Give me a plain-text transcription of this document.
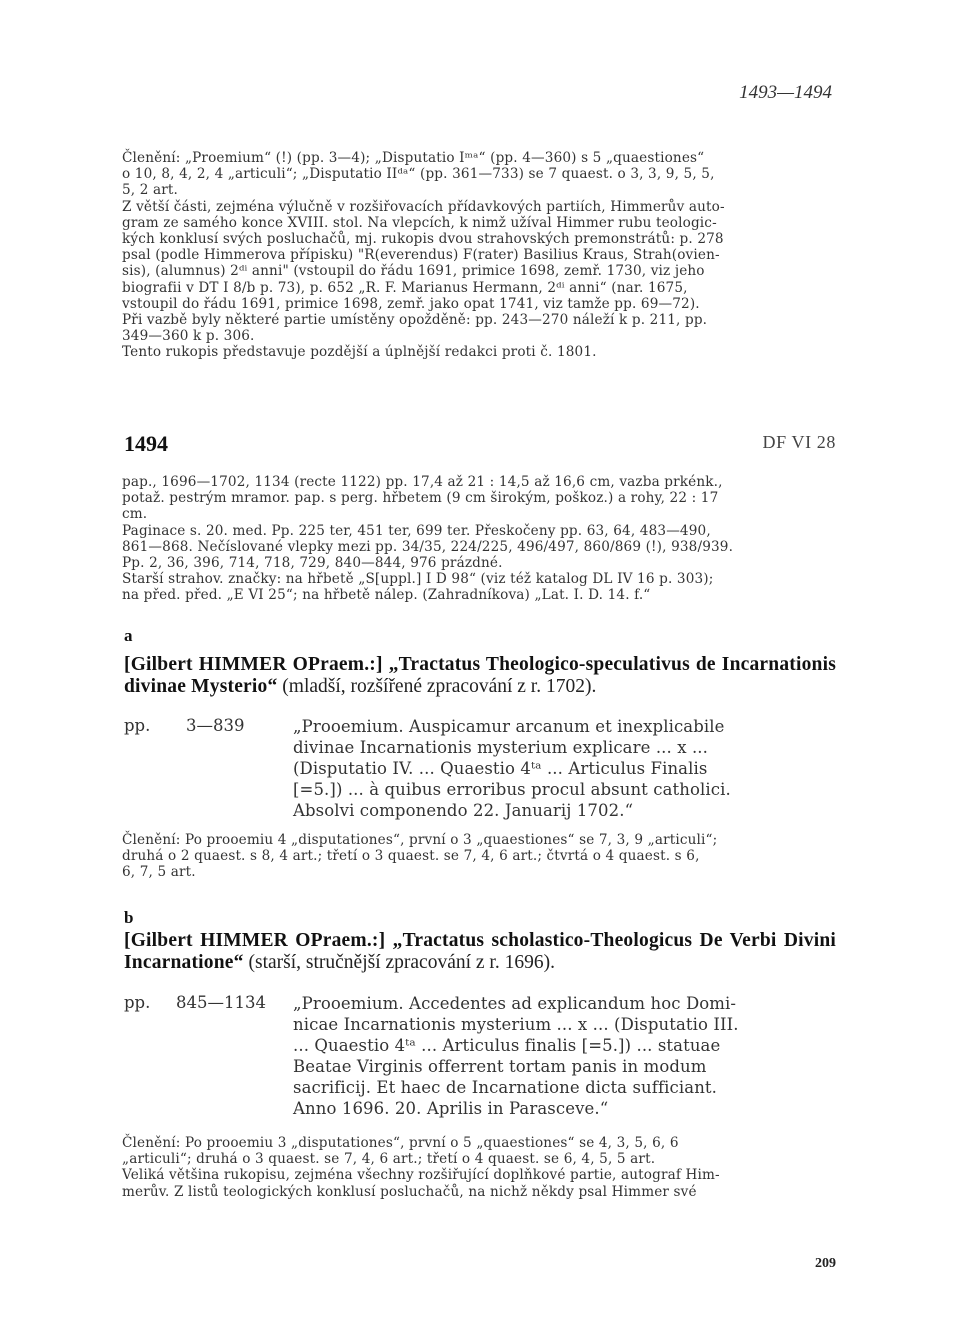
1493—1494

Členění: „Proemium“ (!) (pp. 3—4); „Disputatio Iᵐᵃ“ (pp. 4—360) s 5 „quaestiones“

o 10, 8, 4, 2, 4 „articuli“; „Disputatio IIᵈᵃ“ (pp. 361—733) se 7 quaest. o 3, 3, 9, 5, 5,

5, 2 art.

Z větší části, zejména výlučně v rozšiřovacích přídavkových partiích, Himmerův auto-

gram ze samého konce XVIII. stol. Na vlepcích, k nimž užíval Himmer rubu teologic-

kých konklusí svých posluchačů, mj. rukopis dvou strahovských premonstrátů: p. 278

psal (podle Himmerova přípisku) "R(everendus) F(rater) Basilius Kraus, Strah(ovien-

sis), (alumnus) 2ᵈⁱ anni" (vstoupil do řádu 1691, primice 1698, zemř. 1730, viz jeho

biografii v DT I 8/b p. 73), p. 652 „R. F. Marianus Hermann, 2ᵈⁱ anni“ (nar. 1675,

vstoupil do řádu 1691, primice 1698, zemř. jako opat 1741, viz tamže pp. 69—72).

Při vazbě byly některé partie umístěny opožděně: pp. 243—270 náleží k p. 211, pp.

349—360 k p. 306.

Tento rukopis představuje pozdější a úplnější redakci proti č. 1801.

1494	DF VI 28

pap., 1696—1702, 1134 (recte 1122) pp. 17,4 až 21 : 14,5 až 16,6 cm, vazba prkénk.,

potaž. pestrým mramor. pap. s perg. hřbetem (9 cm širokým, poškoz.) a rohy, 22 : 17

cm.

Paginace s. 20. med. Pp. 225 ter, 451 ter, 699 ter. Přeskočeny pp. 63, 64, 483—490,

861—868. Nečíslované vlepky mezi pp. 34/35, 224/225, 496/497, 860/869 (!), 938/939.

Pp. 2, 36, 396, 714, 718, 729, 840—844, 976 prázdné.

Starší strahov. značky: na hřbetě „S[uppl.] I D 98“ (viz též katalog DL IV 16 p. 303);

na před. před. „E VI 25“; na hřbetě nálep. (Zahradníkova) „Lat. I. D. 14. f.“

a
[Gilbert HIMMER OPraem.:] „Tractatus Theologico-speculativus de Incarnationis divinae Mysterio“ (mladší, rozšířené zpracování z r. 1702).
pp. 3—839	„Prooemium. Auspicamur arcanum et inexplicabile
divinae Incarnationis mysterium explicare ... x ...
(Disputatio IV. ... Quaestio 4ᵗᵃ ... Articulus Finalis
[=5.]) ... à quibus erroribus procul absunt catholici.
Absolvi componendo 22. Januarij 1702.“

Členění: Po prooemiu 4 „disputationes“, první o 3 „quaestiones“ se 7, 3, 9 „articuli“;

druhá o 2 quaest. s 8, 4 art.; třetí o 3 quaest. se 7, 4, 6 art.; čtvrtá o 4 quaest. s 6,

6, 7, 5 art.

b
[Gilbert HIMMER OPraem.:] „Tractatus scholastico-Theologicus De Verbi Divini Incarnatione“ (starší, stručnější zpracování z r. 1696).
pp. 845—1134 „Prooemium. Accedentes ad explicandum hoc Domi-
nicae Incarnationis mysterium ... x ... (Disputatio III.
... Quaestio 4ᵗᵃ ... Articulus finalis [=5.]) ... statuae
Beatae Virginis offerrent tortam panis in modum
sacrificij. Et haec de Incarnatione dicta sufficiant.
Anno 1696. 20. Aprilis in Parasceve.“

Členění: Po prooemiu 3 „disputationes“, první o 5 „quaestiones“ se 4, 3, 5, 6, 6

„articuli“; druhá o 3 quaest. se 7, 4, 6 art.; třetí o 4 quaest. se 6, 4, 5, 5 art.

Veliká většina rukopisu, zejména všechny rozšiřující doplňkové partie, autograf Him-

merův. Z listů teologických konklusí posluchačů, na nichž někdy psal Himmer své

209
